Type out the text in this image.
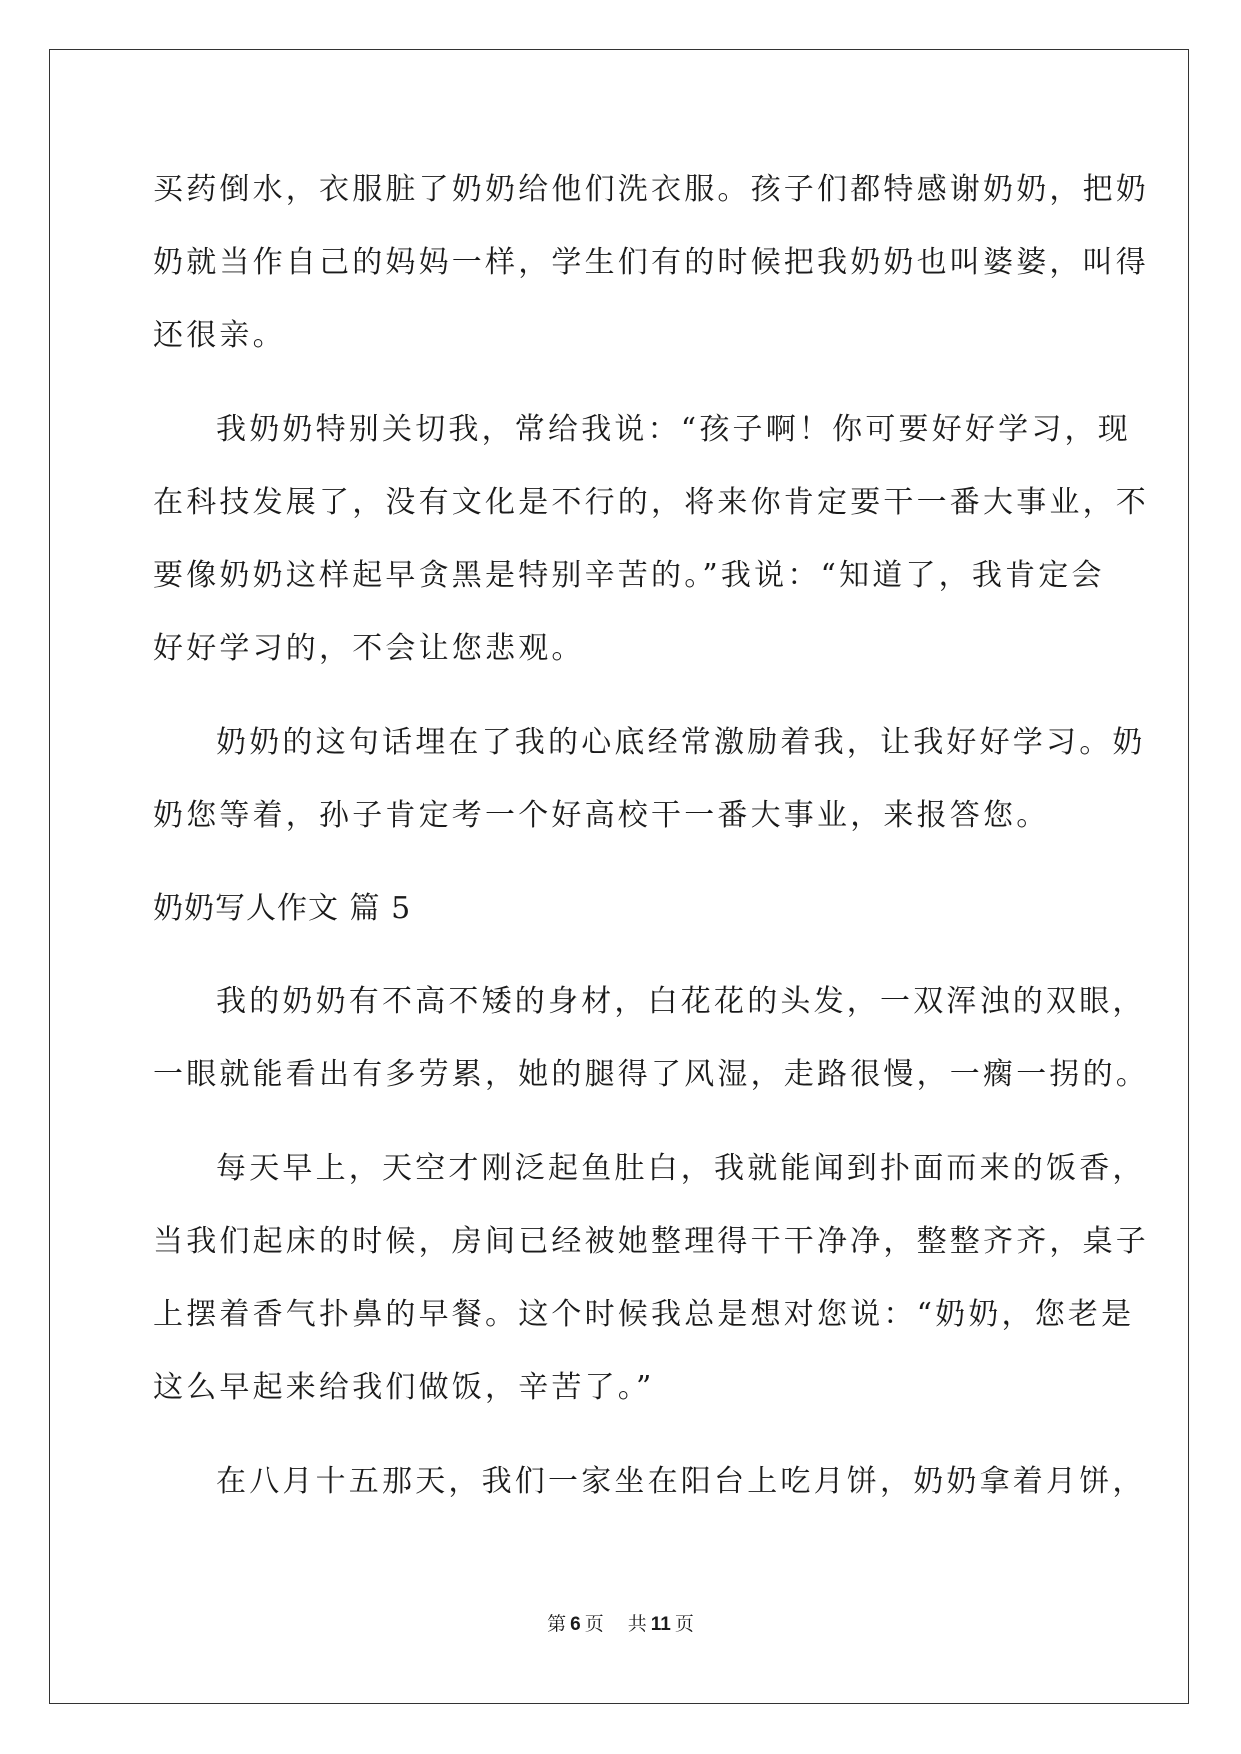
买药倒水，衣服脏了奶奶给他们洗衣服。孩子们都特感谢奶奶，把奶
奶就当作自己的妈妈一样，学生们有的时候把我奶奶也叫婆婆，叫得
还很亲。
我奶奶特别关切我，常给我说：“孩子啊！你可要好好学习，现
在科技发展了，没有文化是不行的，将来你肯定要干一番大事业，不
要像奶奶这样起早贪黑是特别辛苦的。”我说：“知道了，我肯定会
好好学习的，不会让您悲观。
奶奶的这句话埋在了我的心底经常激励着我，让我好好学习。奶
奶您等着，孙子肯定考一个好高校干一番大事业，来报答您。
奶奶写人作文 篇 5
我的奶奶有不高不矮的身材，白花花的头发，一双浑浊的双眼，
一眼就能看出有多劳累，她的腿得了风湿，走路很慢，一瘸一拐的。
每天早上，天空才刚泛起鱼肚白，我就能闻到扑面而来的饭香，
当我们起床的时候，房间已经被她整理得干干净净，整整齐齐，桌子
上摆着香气扑鼻的早餐。这个时候我总是想对您说：“奶奶，您老是
这么早起来给我们做饭，辛苦了。”
在八月十五那天，我们一家坐在阳台上吃月饼，奶奶拿着月饼，
第 6 页 共 11 页
